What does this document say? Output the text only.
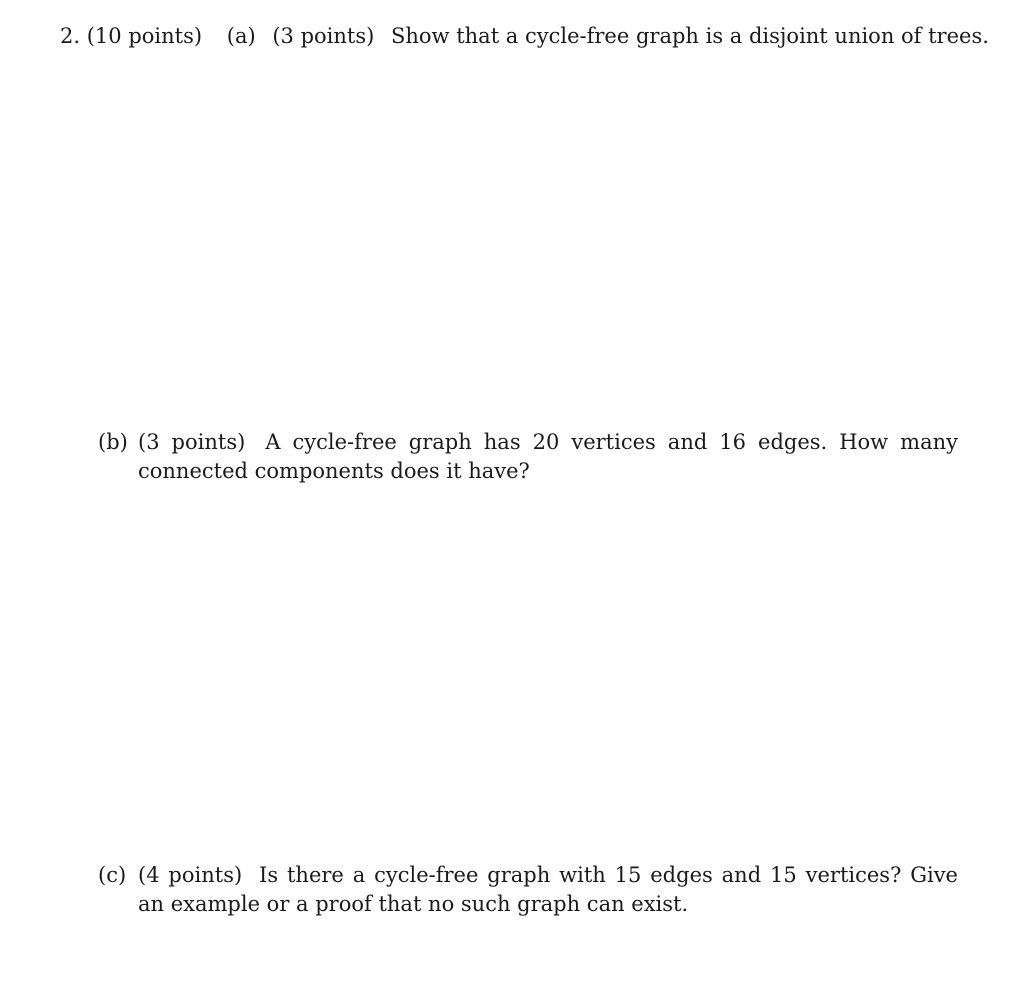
2. (10 points) (a) (3 points) Show that a cycle-free graph is a disjoint union of trees.
(b) (3 points) A cycle-free graph has 20 vertices and 16 edges. How many connected components does it have?
(c) (4 points) Is there a cycle-free graph with 15 edges and 15 vertices? Give an example or a proof that no such graph can exist.
